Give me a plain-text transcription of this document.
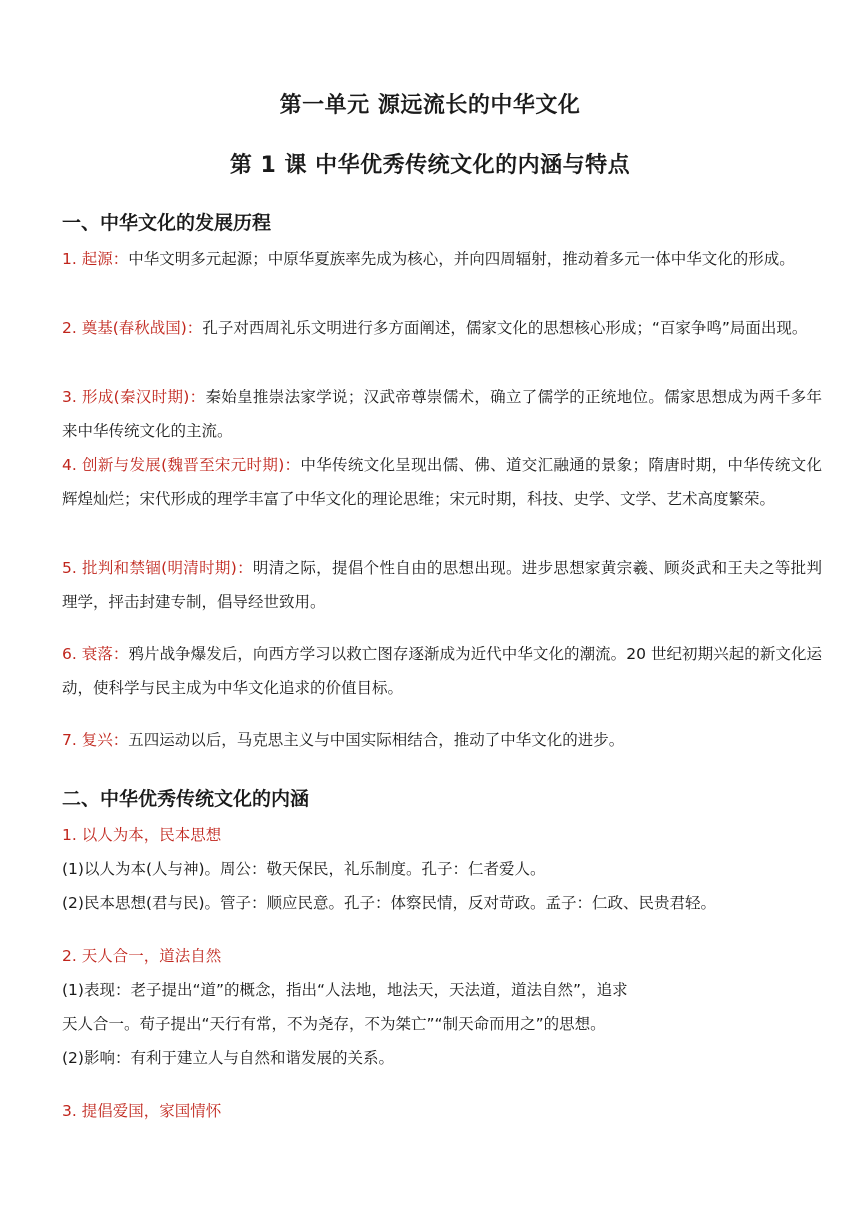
第一单元 源远流长的中华文化
第 1 课 中华优秀传统文化的内涵与特点
一、中华文化的发展历程

1. 起源：中华文明多元起源；中原华夏族率先成为核心，并向四周辐射，推动着多元一体中华文化的形成。

2. 奠基(春秋战国)：孔子对西周礼乐文明进行多方面阐述，儒家文化的思想核心形成；“百家争鸣”局面出现。

3. 形成(秦汉时期)：秦始皇推崇法家学说；汉武帝尊崇儒术，确立了儒学的正统地位。儒家思想成为两千多年来中华传统文化的主流。

4. 创新与发展(魏晋至宋元时期)：中华传统文化呈现出儒、佛、道交汇融通的景象；隋唐时期，中华传统文化辉煌灿烂；宋代形成的理学丰富了中华文化的理论思维；宋元时期，科技、史学、文学、艺术高度繁荣。

5. 批判和禁锢(明清时期)：明清之际，提倡个性自由的思想出现。进步思想家黄宗羲、顾炎武和王夫之等批判理学，抨击封建专制，倡导经世致用。

6. 衰落：鸦片战争爆发后，向西方学习以救亡图存逐渐成为近代中华文化的潮流。20 世纪初期兴起的新文化运动，使科学与民主成为中华文化追求的价值目标。

7. 复兴：五四运动以后，马克思主义与中国实际相结合，推动了中华文化的进步。

二、中华优秀传统文化的内涵

1. 以人为本，民本思想

(1)以人为本(人与神)。周公：敬天保民，礼乐制度。孔子：仁者爱人。

(2)民本思想(君与民)。管子：顺应民意。孔子：体察民情，反对苛政。孟子：仁政、民贵君轻。

2. 天人合一，道法自然

(1)表现：老子提出“道”的概念，指出“人法地，地法天，天法道，道法自然”，追求

天人合一。荀子提出“天行有常，不为尧存，不为桀亡”“制天命而用之”的思想。

(2)影响：有利于建立人与自然和谐发展的关系。

3. 提倡爱国，家国情怀
